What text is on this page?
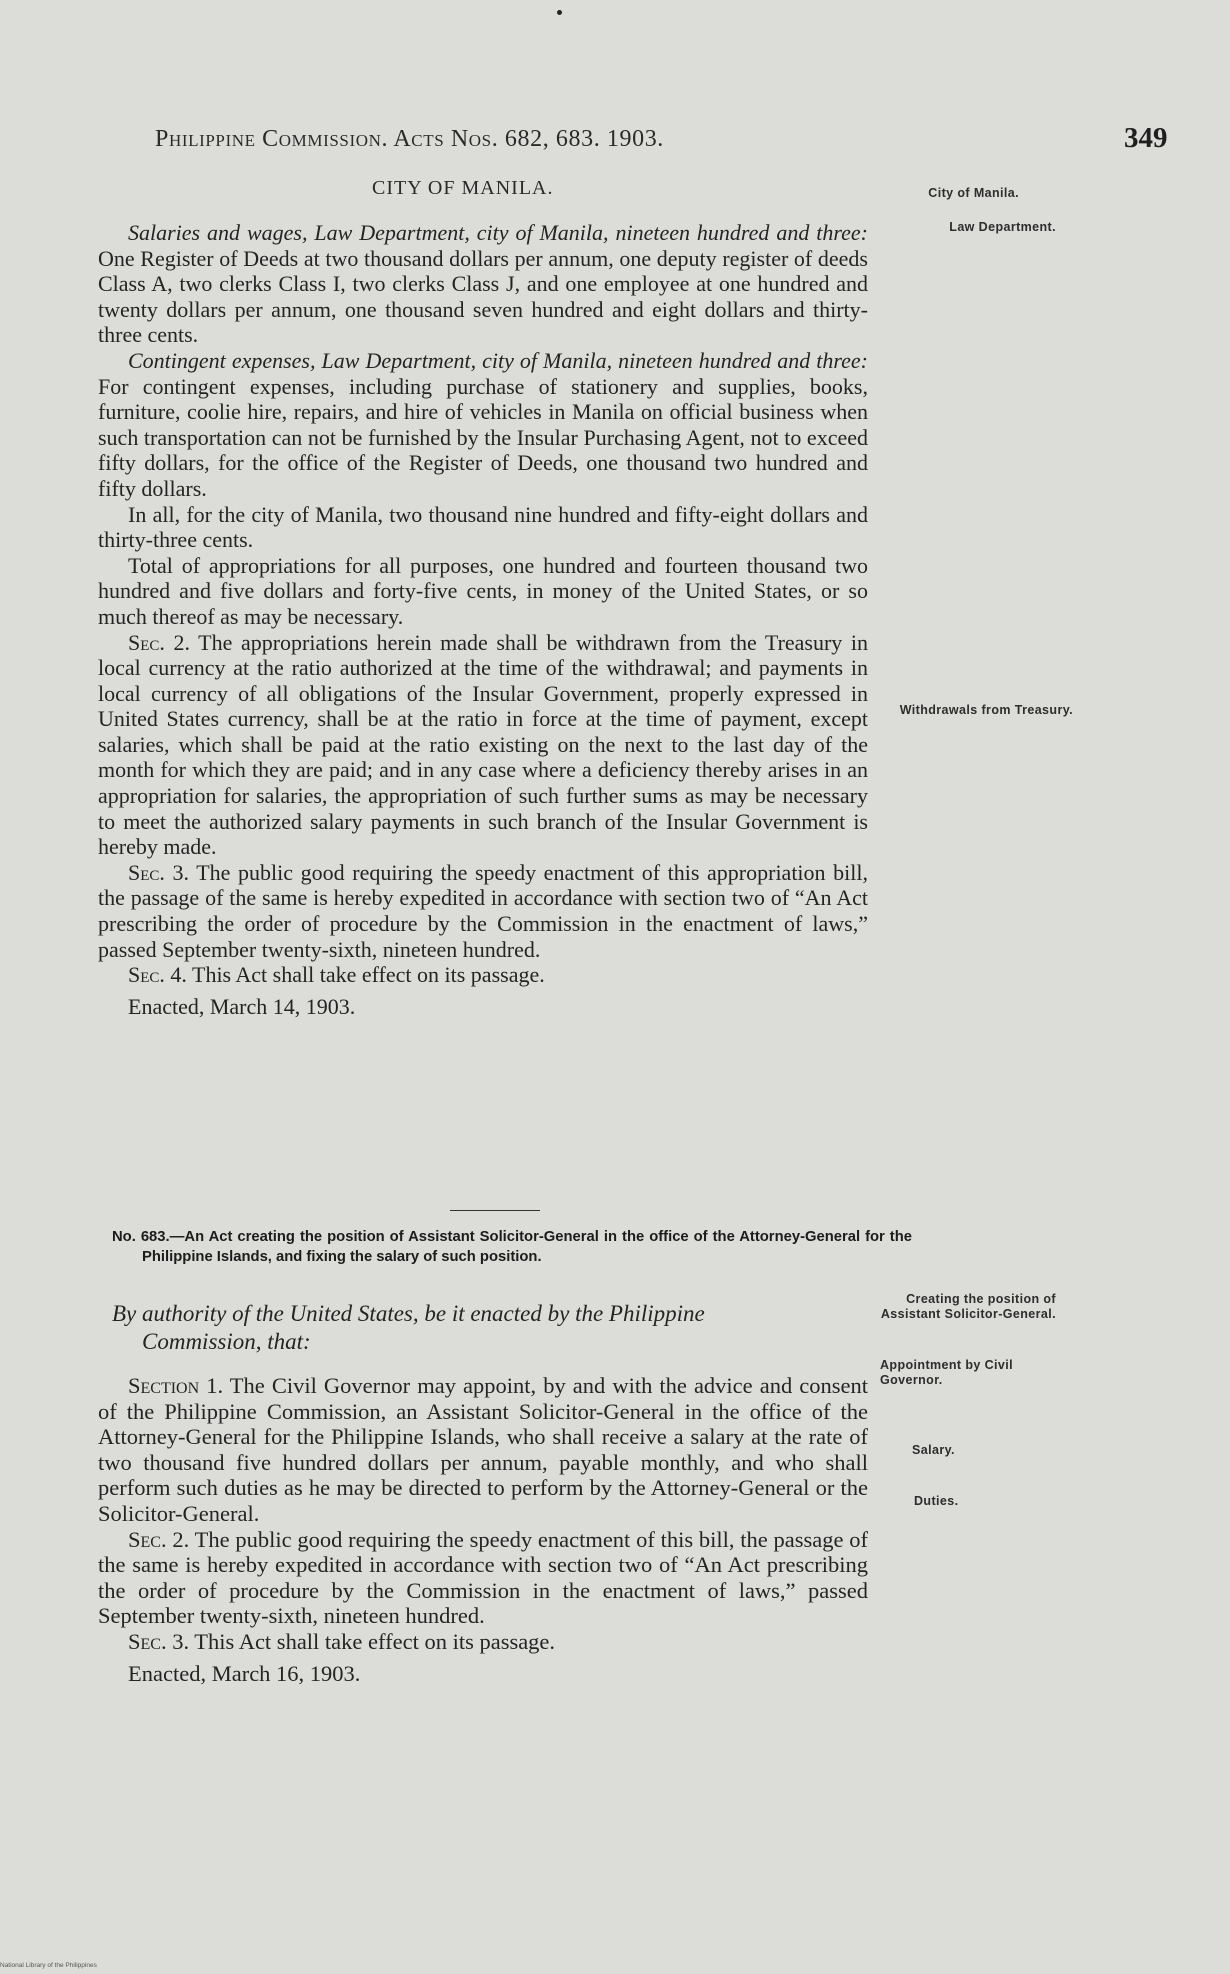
Philippine Commission. Acts Nos. 682, 683. 1903.	349
CITY OF MANILA.	City of Manila.
Law Department.
Withdrawals from Treasury.
Creating the position of Assistant Solicitor-General.
Appointment by Civil Governor.
Salary.
Duties.

Salaries and wages, Law Department, city of Manila, nineteen hundred and three: One Register of Deeds at two thousand dollars per annum, one deputy register of deeds Class A, two clerks Class I, two clerks Class J, and one employee at one hundred and twenty dollars per annum, one thousand seven hundred and eight dollars and thirty-three cents.

Contingent expenses, Law Department, city of Manila, nineteen hundred and three: For contingent expenses, including purchase of stationery and supplies, books, furniture, coolie hire, repairs, and hire of vehicles in Manila on official business when such transportation can not be furnished by the Insular Purchasing Agent, not to exceed fifty dollars, for the office of the Register of Deeds, one thousand two hundred and fifty dollars.

In all, for the city of Manila, two thousand nine hundred and fifty-eight dollars and thirty-three cents.

Total of appropriations for all purposes, one hundred and fourteen thousand two hundred and five dollars and forty-five cents, in money of the United States, or so much thereof as may be necessary.

Sec. 2. The appropriations herein made shall be withdrawn from the Treasury in local currency at the ratio authorized at the time of the withdrawal; and payments in local currency of all obligations of the Insular Government, properly expressed in United States currency, shall be at the ratio in force at the time of payment, except salaries, which shall be paid at the ratio existing on the next to the last day of the month for which they are paid; and in any case where a deficiency thereby arises in an appropriation for salaries, the appropriation of such further sums as may be necessary to meet the authorized salary payments in such branch of the Insular Government is hereby made.

Sec. 3. The public good requiring the speedy enactment of this appropriation bill, the passage of the same is hereby expedited in accordance with section two of “An Act prescribing the order of procedure by the Commission in the enactment of laws,” passed September twenty-sixth, nineteen hundred.

Sec. 4. This Act shall take effect on its passage.

Enacted, March 14, 1903.

No. 683.—An Act creating the position of Assistant Solicitor-General in the office of the Attorney-General for the Philippine Islands, and fixing the salary of such position.
By authority of the United States, be it enacted by the Philippine
Commission, that:

Section 1. The Civil Governor may appoint, by and with the advice and consent of the Philippine Commission, an Assistant Solicitor-General in the office of the Attorney-General for the Philippine Islands, who shall receive a salary at the rate of two thousand five hundred dollars per annum, payable monthly, and who shall perform such duties as he may be directed to perform by the Attorney-General or the Solicitor-General.

Sec. 2. The public good requiring the speedy enactment of this bill, the passage of the same is hereby expedited in accordance with section two of “An Act prescribing the order of procedure by the Commission in the enactment of laws,” passed September twenty-sixth, nineteen hundred.

Sec. 3. This Act shall take effect on its passage.

Enacted, March 16, 1903.

National Library of the Philippines
